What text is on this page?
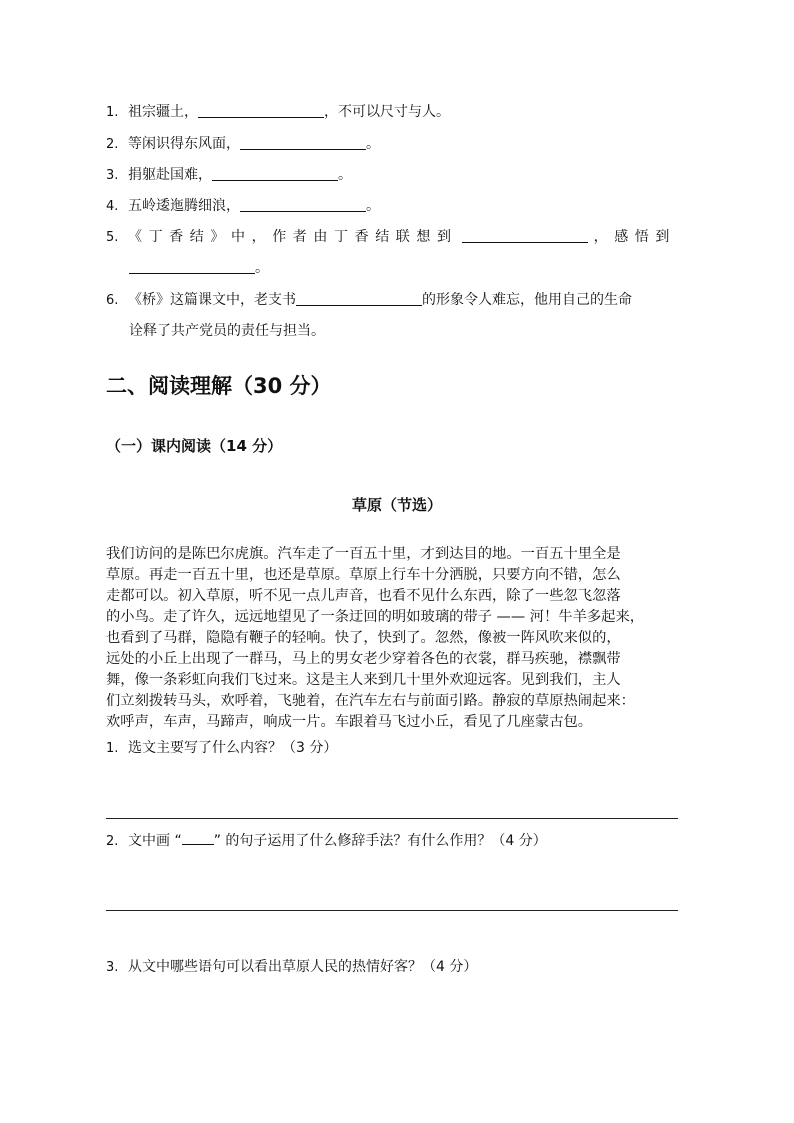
1. 祖宗疆土，	，不可以尺寸与人。
2. 等闲识得东风面，	。
3. 捐躯赴国难，	。
4. 五岭逶迤腾细浪，	。
5. 《丁香结》中，作者由丁香结联想到	，感悟到
。
6. 《桥》这篇课文中，老支书	的形象令人难忘，他用自己的生命
诠释了共产党员的责任与担当。
二、阅读理解（30 分）
（一）课内阅读（14 分）
草原（节选）
我们访问的是陈巴尔虎旗。汽车走了一百五十里，才到达目的地。一百五十里全是
草原。再走一百五十里，也还是草原。草原上行车十分洒脱，只要方向不错，怎么
走都可以。初入草原，听不见一点儿声音，也看不见什么东西，除了一些忽飞忽落
的小鸟。走了许久，远远地望见了一条迂回的明如玻璃的带子 —— 河！牛羊多起来，
也看到了马群，隐隐有鞭子的轻响。快了，快到了。忽然，像被一阵风吹来似的，
远处的小丘上出现了一群马，马上的男女老少穿着各色的衣裳，群马疾驰，襟飘带
舞，像一条彩虹向我们飞过来。这是主人来到几十里外欢迎远客。见到我们，主人
们立刻拨转马头，欢呼着，飞驰着，在汽车左右与前面引路。静寂的草原热闹起来：
欢呼声，车声，马蹄声，响成一片。车跟着马飞过小丘，看见了几座蒙古包。
1. 选文主要写了什么内容？（3 分）
2. 文中画 “ ” 的句子运用了什么修辞手法？有什么作用？（4 分）
3. 从文中哪些语句可以看出草原人民的热情好客？（4 分）
